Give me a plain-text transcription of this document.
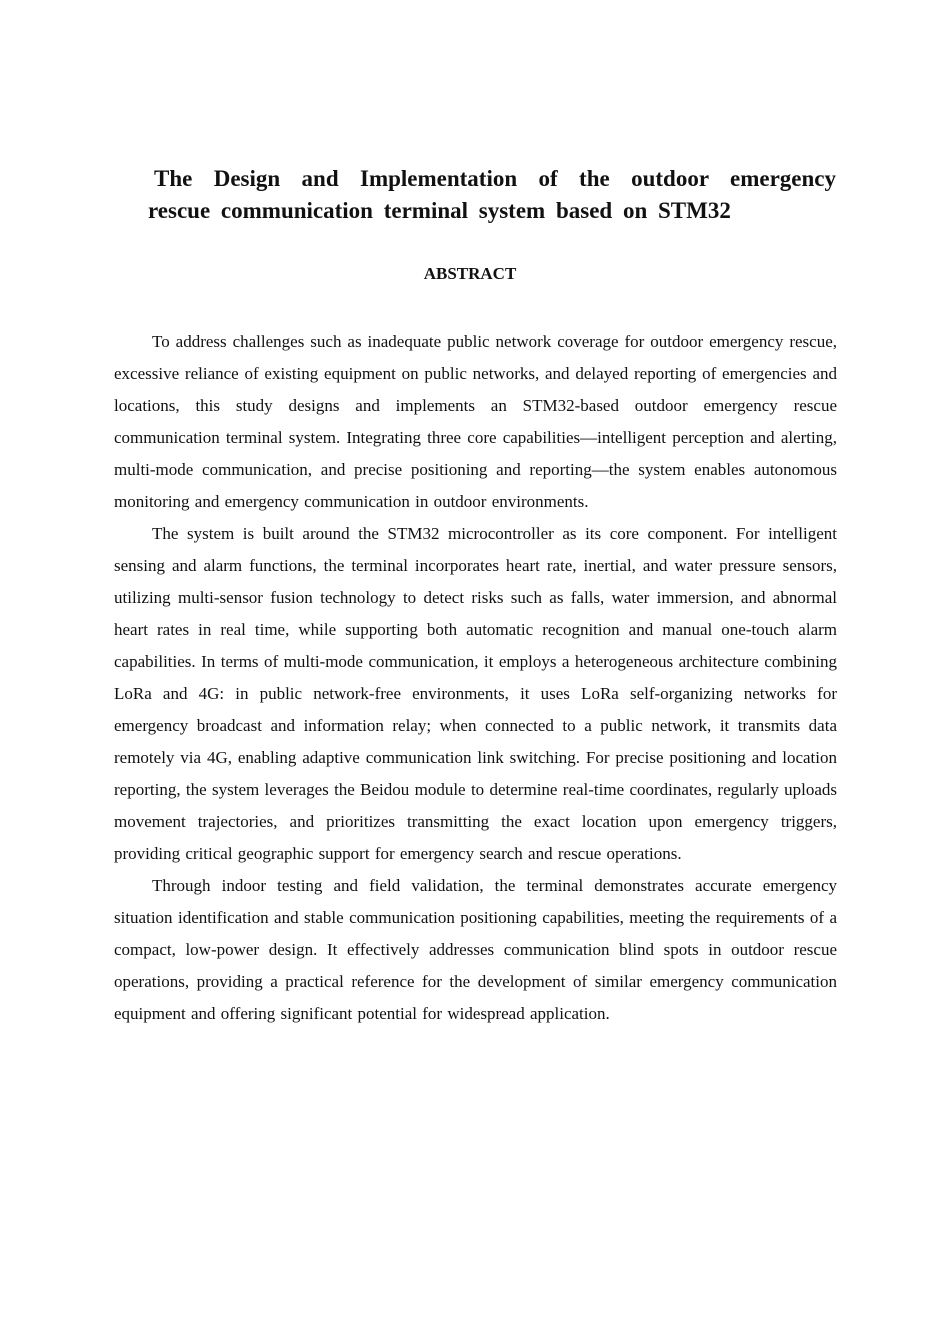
The Design and Implementation of the outdoor emergency
rescue communication terminal system based on STM32
ABSTRACT

To address challenges such as inadequate public network coverage for outdoor emergency rescue, excessive reliance of existing equipment on public networks, and delayed reporting of emergencies and locations, this study designs and implements an STM32-based outdoor emergency rescue communication terminal system. Integrating three core capabilities—intelligent perception and alerting, multi-mode communication, and precise positioning and reporting—the system enables autonomous monitoring and emergency communication in outdoor environments.

The system is built around the STM32 microcontroller as its core component. For intelligent sensing and alarm functions, the terminal incorporates heart rate, inertial, and water pressure sensors, utilizing multi-sensor fusion technology to detect risks such as falls, water immersion, and abnormal heart rates in real time, while supporting both automatic recognition and manual one-touch alarm capabilities. In terms of multi-mode communication, it employs a heterogeneous architecture combining LoRa and 4G: in public network-free environments, it uses LoRa self-organizing networks for emergency broadcast and information relay; when connected to a public network, it transmits data remotely via 4G, enabling adaptive communication link switching. For precise positioning and location reporting, the system leverages the Beidou module to determine real-time coordinates, regularly uploads movement trajectories, and prioritizes transmitting the exact location upon emergency triggers, providing critical geographic support for emergency search and rescue operations.

Through indoor testing and field validation, the terminal demonstrates accurate emergency situation identification and stable communication positioning capabilities, meeting the requirements of a compact, low-power design. It effectively addresses communication blind spots in outdoor rescue operations, providing a practical reference for the development of similar emergency communication equipment and offering significant potential for widespread application.
